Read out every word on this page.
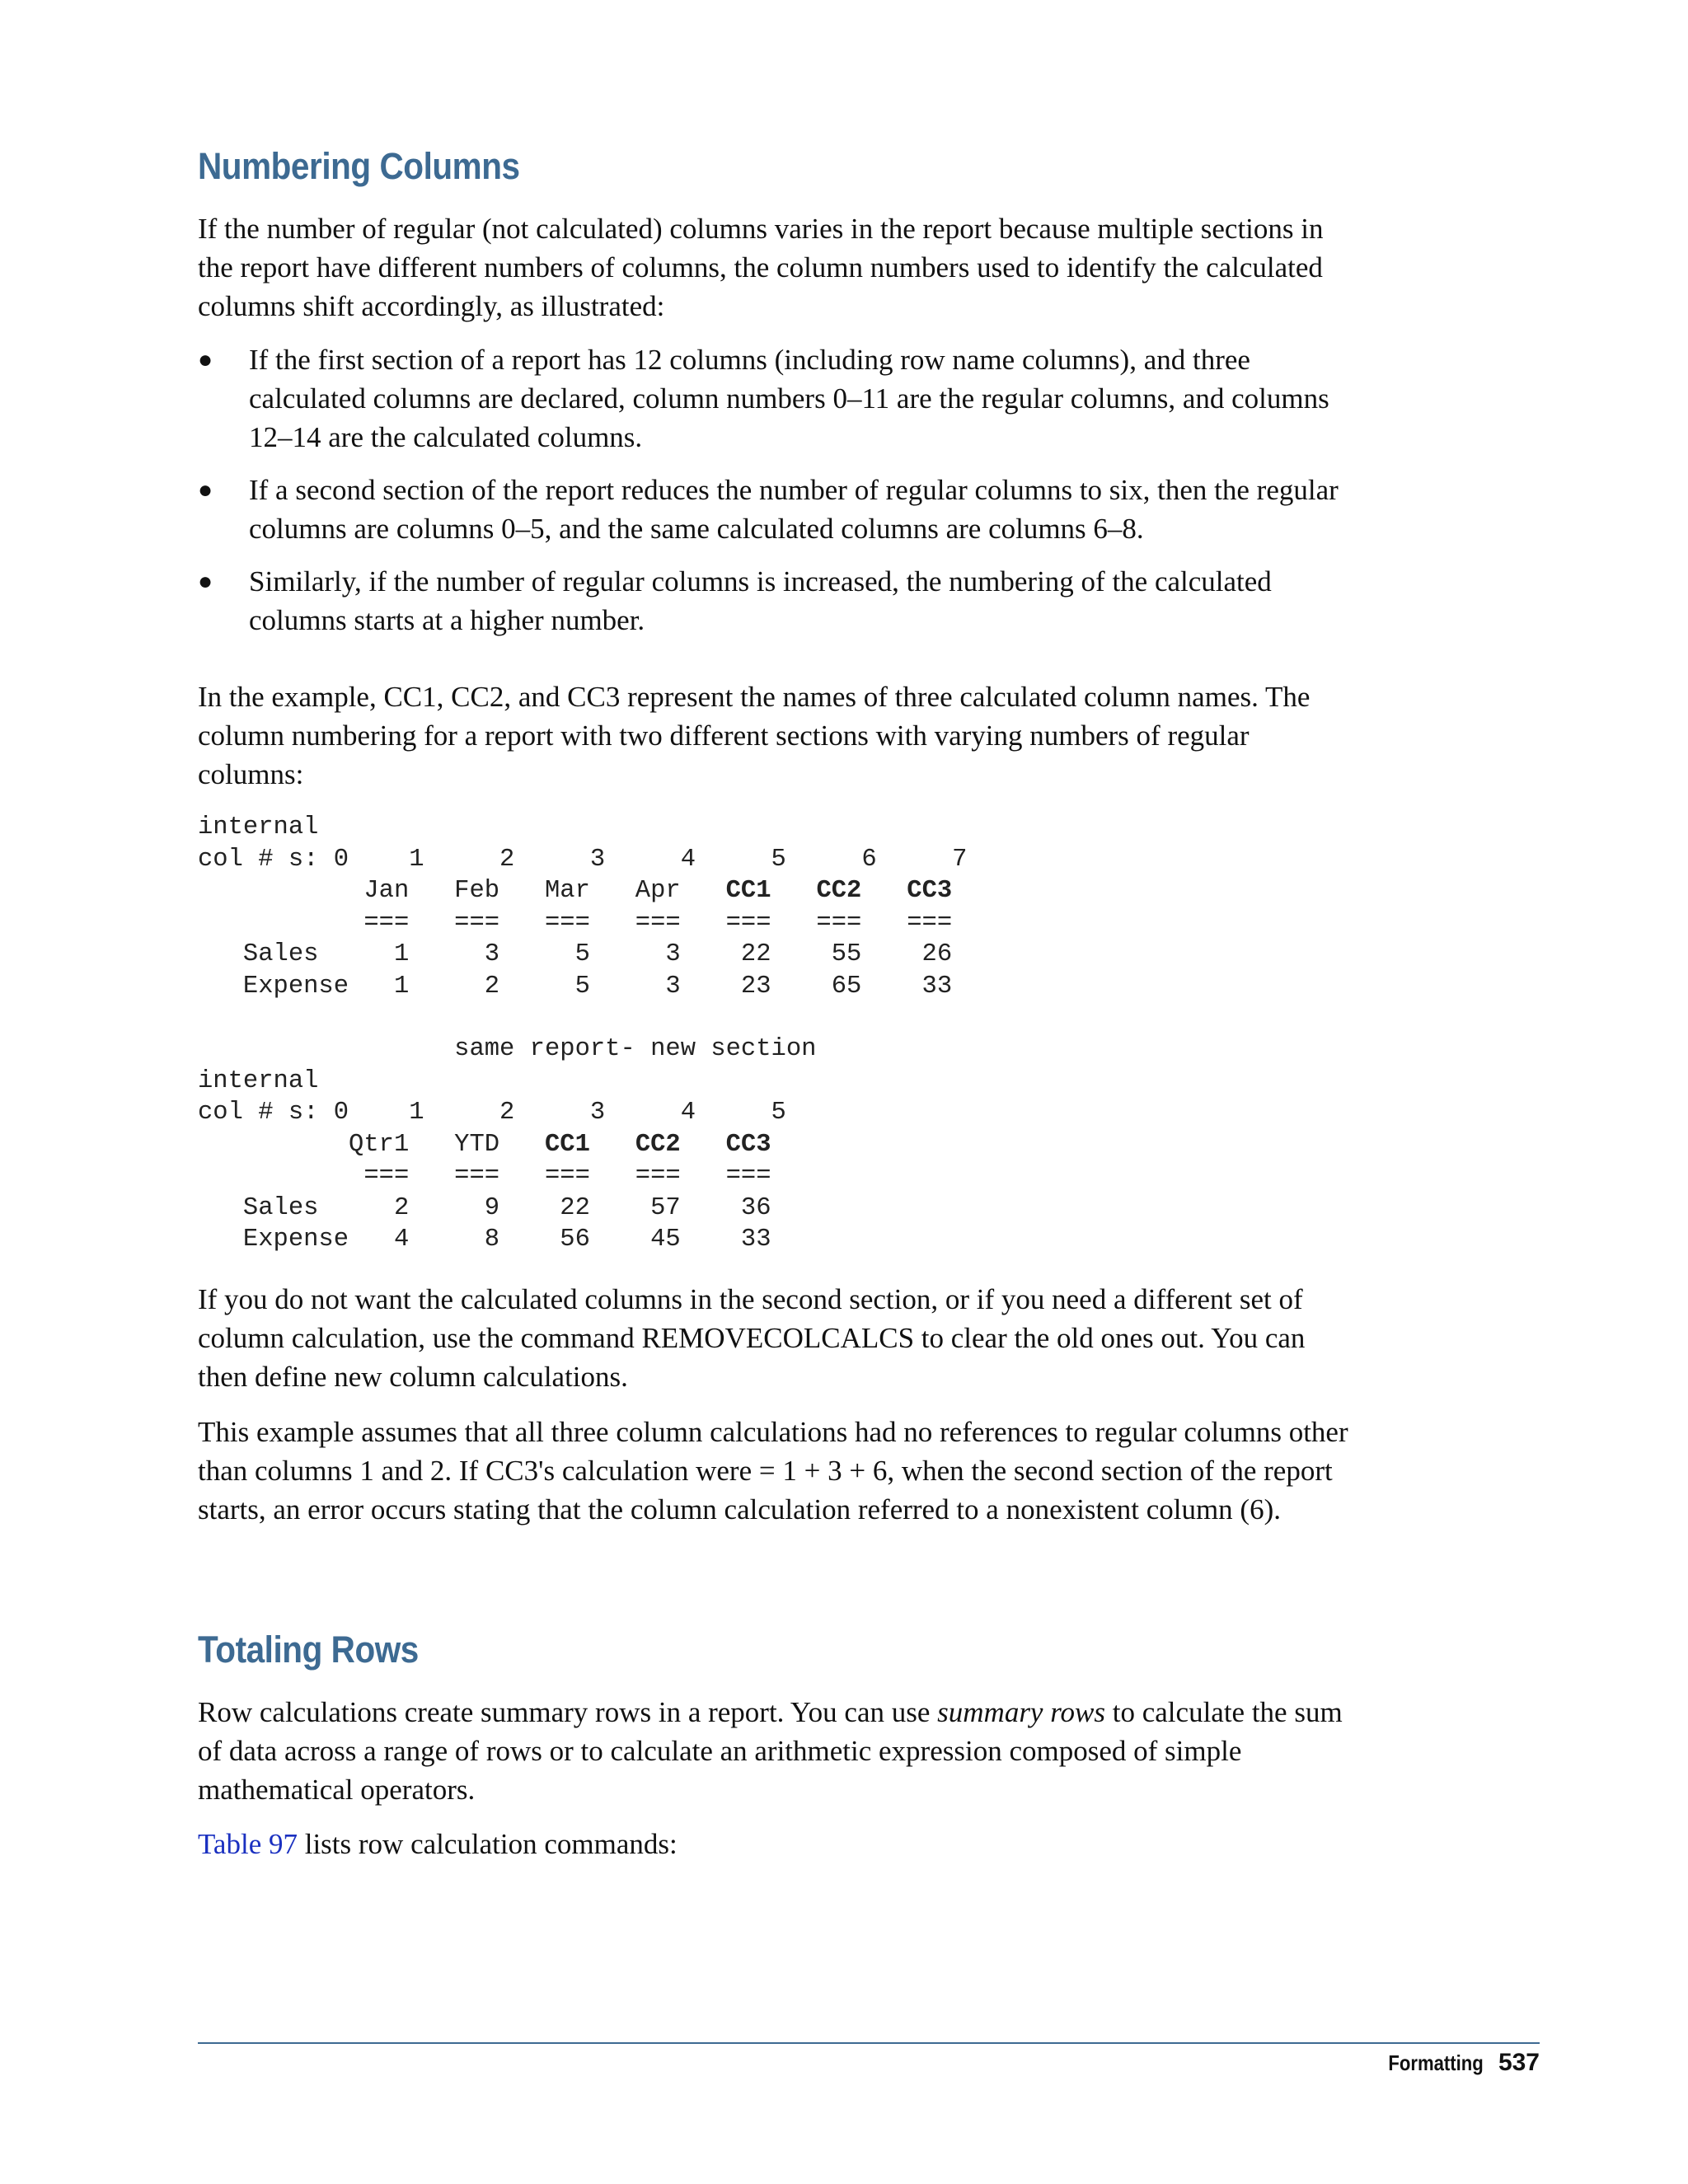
Numbering Columns

If the number of regular (not calculated) columns varies in the report because multiple sections in the report have different numbers of columns, the column numbers used to identify the calculated columns shift accordingly, as illustrated:

● If the first section of a report has 12 columns (including row name columns), and three calculated columns are declared, column numbers 0–11 are the regular columns, and columns 12–14 are the calculated columns.
● If a second section of the report reduces the number of regular columns to six, then the regular columns are columns 0–5, and the same calculated columns are columns 6–8.
● Similarly, if the number of regular columns is increased, the numbering of the calculated columns starts at a higher number.

In the example, CC1, CC2, and CC3 represent the names of three calculated column names. The column numbering for a report with two different sections with varying numbers of regular columns:

internal
col # s: 0    1     2     3     4     5     6     7
Jan   Feb   Mar   Apr   CC1 CC2 CC3
===   ===   ===   ===   ===   ===   ===
Sales     1     3     5     3    22    55    26
Expense   1     2     5     3    23    65    33
same report- new section
internal
col # s: 0    1     2     3     4     5
Qtr1   YTD   CC1 CC2 CC3
===   ===   ===   ===   ===
Sales     2     9    22    57    36
Expense   4     8    56    45    33

If you do not want the calculated columns in the second section, or if you need a different set of column calculation, use the command REMOVECOLCALCS to clear the old ones out. You can then define new column calculations.

This example assumes that all three column calculations had no references to regular columns other than columns 1 and 2. If CC3's calculation were = 1 + 3 + 6, when the second section of the report starts, an error occurs stating that the column calculation referred to a nonexistent column (6).

Totaling Rows

Row calculations create summary rows in a report. You can use summary rows to calculate the sum of data across a range of rows or to calculate an arithmetic expression composed of simple mathematical operators.

Table 97 lists row calculation commands:

Formatting 537
